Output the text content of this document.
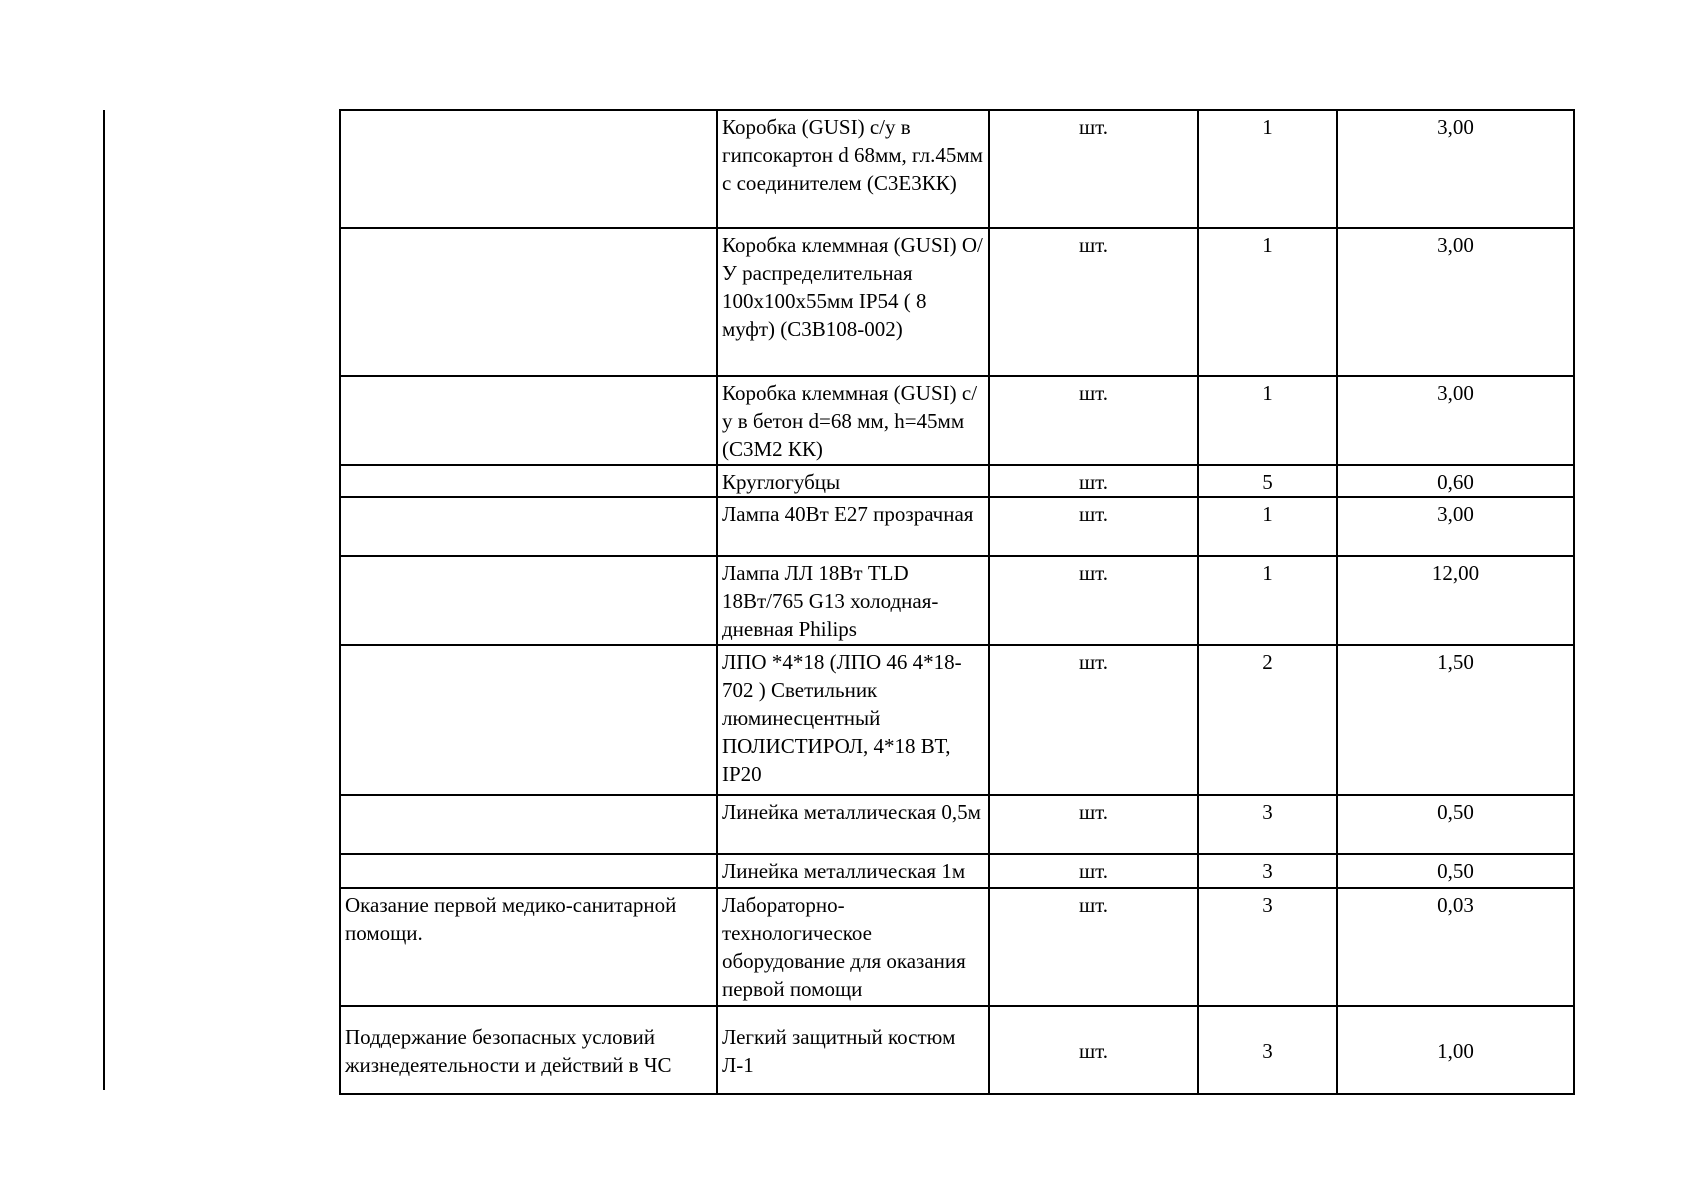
	Коробка (GUSI) с/у в гипсокартон d 68мм, гл.45мм с соединителем (С3Е3КК)	шт.	1	3,00
	Коробка клеммная (GUSI) О/У распределительная 100х100х55мм IP54 ( 8 муфт) (С3В108-002)	шт.	1	3,00
	Коробка клеммная (GUSI) с/у в бетон d=68 мм, h=45мм (С3М2 КК)	шт.	1	3,00
	Круглогубцы	шт.	5	0,60
	Лампа 40Вт Е27 прозрачная	шт.	1	3,00
	Лампа ЛЛ 18Вт TLD 18Вт/765 G13 холодная-дневная Philips	шт.	1	12,00
	ЛПО *4*18 (ЛПО 46 4*18-702 ) Светильник люминесцентный ПОЛИСТИРОЛ, 4*18 ВТ, IP20	шт.	2	1,50
	Линейка металлическая 0,5м	шт.	3	0,50
	Линейка металлическая 1м	шт.	3	0,50
Оказание первой медико-санитарной помощи.	Лабораторно-технологическое оборудование для оказания первой помощи	шт.	3	0,03
Поддержание безопасных условий жизнедеятельности и действий в ЧС	Легкий защитный костюм Л-1	шт.	3	1,00
